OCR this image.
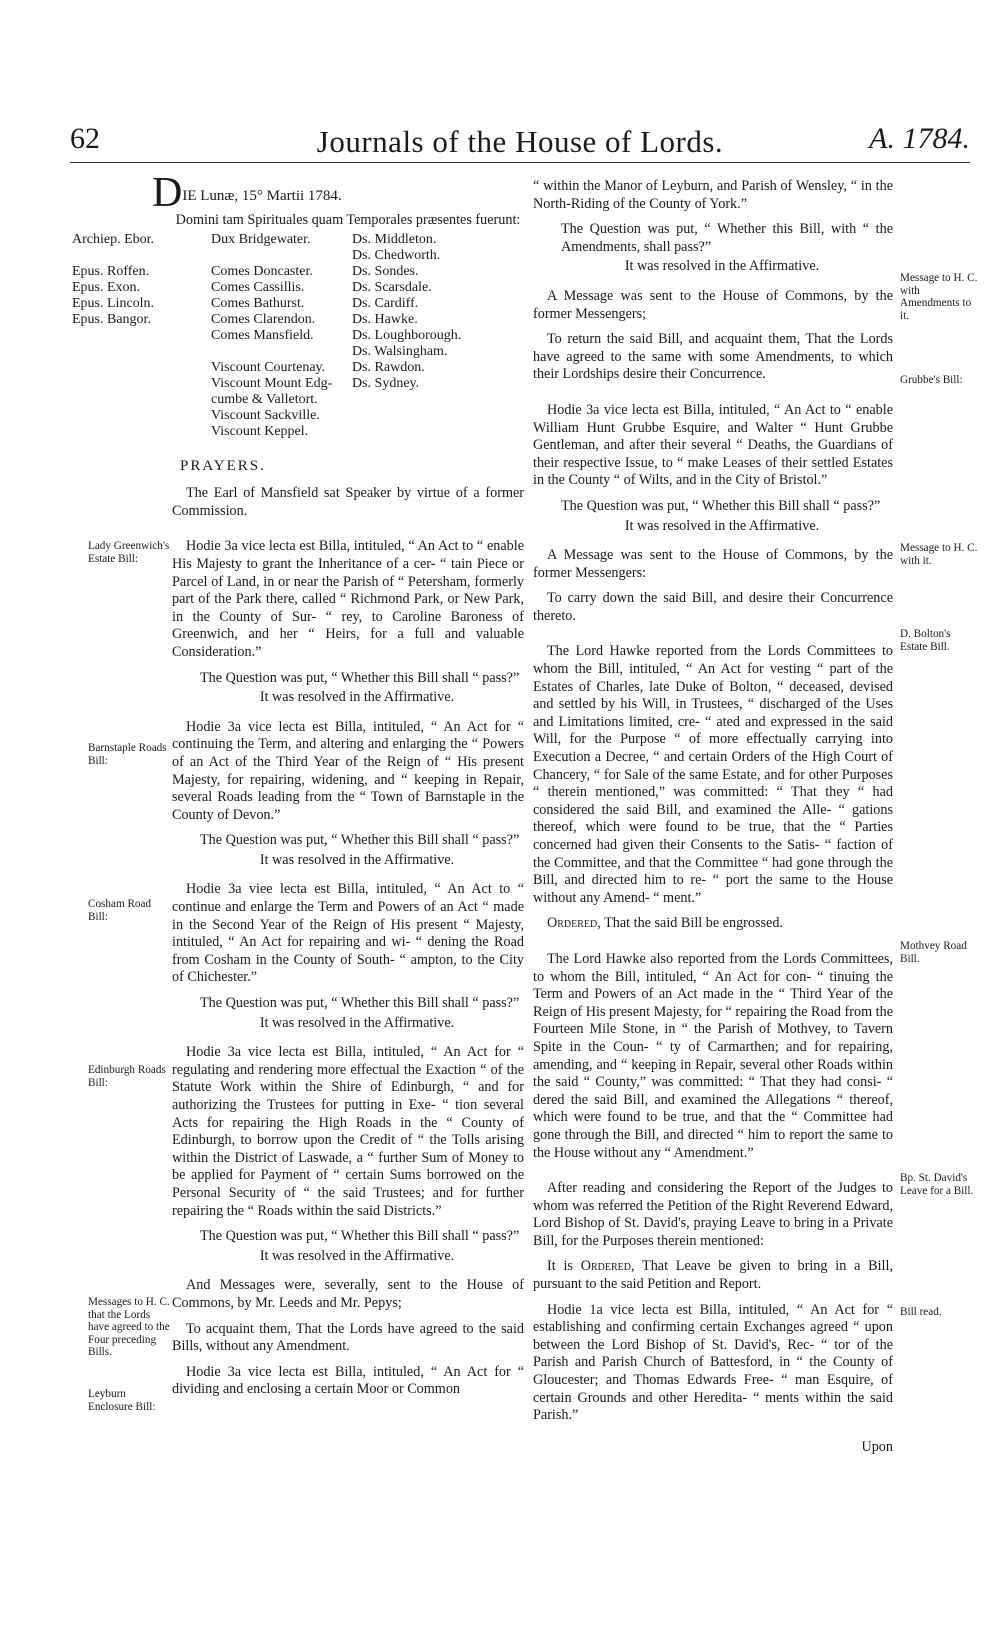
62	Journals of the House of Lords.	A. 1784.
DIE Lunæ, 15° Martii 1784.
Domini tam Spirituales quam Temporales præsentes fuerunt:
Archiep. Ebor.

Epus. Roffen.
Epus. Exon.
Epus. Lincoln.
Epus. Bangor.
Dux Bridgewater.

Comes Doncaster.
Comes Cassillis.
Comes Bathurst.
Comes Clarendon.
Comes Mansfield.

Viscount Courtenay.
Viscount Mount Edg-
cumbe & Valletort.
Viscount Sackville.
Viscount Keppel.
Ds. Middleton.
Ds. Chedworth.
Ds. Sondes.
Ds. Scarsdale.
Ds. Cardiff.
Ds. Hawke.
Ds. Loughborough.
Ds. Walsingham.
Ds. Rawdon.
Ds. Sydney.
PRAYERS.

The Earl of Mansfield sat Speaker by virtue of a former Commission.

Hodie 3a vice lecta est Billa, intituled, “ An Act to “ enable His Majesty to grant the Inheritance of a cer- “ tain Piece or Parcel of Land, in or near the Parish of “ Petersham, formerly part of the Park there, called “ Richmond Park, or New Park, in the County of Sur- “ rey, to Caroline Baroness of Greenwich, and her “ Heirs, for a full and valuable Consideration.”

The Question was put, “ Whether this Bill shall “ pass?”

It was resolved in the Affirmative.

Hodie 3a vice lecta est Billa, intituled, “ An Act for “ continuing the Term, and altering and enlarging the “ Powers of an Act of the Third Year of the Reign of “ His present Majesty, for repairing, widening, and “ keeping in Repair, several Roads leading from the “ Town of Barnstaple in the County of Devon.”

The Question was put, “ Whether this Bill shall “ pass?”

It was resolved in the Affirmative.

Hodie 3a viee lecta est Billa, intituled, “ An Act to “ continue and enlarge the Term and Powers of an Act “ made in the Second Year of the Reign of His present “ Majesty, intituled, “ An Act for repairing and wi- “ dening the Road from Cosham in the County of South- “ ampton, to the City of Chichester.”

The Question was put, “ Whether this Bill shall “ pass?”

It was resolved in the Affirmative.

Hodie 3a vice lecta est Billa, intituled, “ An Act for “ regulating and rendering more effectual the Exaction “ of the Statute Work within the Shire of Edinburgh, “ and for authorizing the Trustees for putting in Exe- “ tion several Acts for repairing the High Roads in the “ County of Edinburgh, to borrow upon the Credit of “ the Tolls arising within the District of Laswade, a “ further Sum of Money to be applied for Payment of “ certain Sums borrowed on the Personal Security of “ the said Trustees; and for further repairing the “ Roads within the said Districts.”

The Question was put, “ Whether this Bill shall “ pass?”

It was resolved in the Affirmative.

And Messages were, severally, sent to the House of Commons, by Mr. Leeds and Mr. Pepys;

To acquaint them, That the Lords have agreed to the said Bills, without any Amendment.

Hodie 3a vice lecta est Billa, intituled, “ An Act for “ dividing and enclosing a certain Moor or Common

“ within the Manor of Leyburn, and Parish of Wensley, “ in the North-Riding of the County of York.”

The Question was put, “ Whether this Bill, with “ the Amendments, shall pass?”

It was resolved in the Affirmative.

A Message was sent to the House of Commons, by the former Messengers;

To return the said Bill, and acquaint them, That the Lords have agreed to the same with some Amendments, to which their Lordships desire their Concurrence.

Hodie 3a vice lecta est Billa, intituled, “ An Act to “ enable William Hunt Grubbe Esquire, and Walter “ Hunt Grubbe Gentleman, and after their several “ Deaths, the Guardians of their respective Issue, to “ make Leases of their settled Estates in the County “ of Wilts, and in the City of Bristol.”

The Question was put, “ Whether this Bill shall “ pass?”

It was resolved in the Affirmative.

A Message was sent to the House of Commons, by the former Messengers:

To carry down the said Bill, and desire their Concurrence thereto.

The Lord Hawke reported from the Lords Committees to whom the Bill, intituled, “ An Act for vesting “ part of the Estates of Charles, late Duke of Bolton, “ deceased, devised and settled by his Will, in Trustees, “ discharged of the Uses and Limitations limited, cre- “ ated and expressed in the said Will, for the Purpose “ of more effectually carrying into Execution a Decree, “ and certain Orders of the High Court of Chancery, “ for Sale of the same Estate, and for other Purposes “ therein mentioned,” was committed: “ That they “ had considered the said Bill, and examined the Alle- “ gations thereof, which were found to be true, that the “ Parties concerned had given their Consents to the Satis- “ faction of the Committee, and that the Committee “ had gone through the Bill, and directed him to re- “ port the same to the House without any Amend- “ ment.”

Ordered, That the said Bill be engrossed.

The Lord Hawke also reported from the Lords Committees, to whom the Bill, intituled, “ An Act for con- “ tinuing the Term and Powers of an Act made in the “ Third Year of the Reign of His present Majesty, for “ repairing the Road from the Fourteen Mile Stone, in “ the Parish of Mothvey, to Tavern Spite in the Coun- “ ty of Carmarthen; and for repairing, amending, and “ keeping in Repair, several other Roads within the said “ County,” was committed: “ That they had consi- “ dered the said Bill, and examined the Allegations “ thereof, which were found to be true, and that the “ Committee had gone through the Bill, and directed “ him to report the same to the House without any “ Amendment.”

After reading and considering the Report of the Judges to whom was referred the Petition of the Right Reverend Edward, Lord Bishop of St. David's, praying Leave to bring in a Private Bill, for the Purposes therein mentioned:

It is Ordered, That Leave be given to bring in a Bill, pursuant to the said Petition and Report.

Hodie 1a vice lecta est Billa, intituled, “ An Act for “ establishing and confirming certain Exchanges agreed “ upon between the Lord Bishop of St. David's, Rec- “ tor of the Parish and Parish Church of Battesford, in “ the County of Gloucester; and Thomas Edwards Free- “ man Esquire, of certain Grounds and other Heredita- “ ments within the said Parish.”

Upon

Lady Greenwich's Estate Bill:
Barnstaple Roads Bill:
Cosham Road Bill:
Edinburgh Roads Bill:
Messages to H. C. that the Lords have agreed to the Four preceding Bills.
Leyburn Enclosure Bill:
Message to H. C. with Amendments to it.
Grubbe's Bill:
Message to H. C. with it.
D. Bolton's Estate Bill.
Mothvey Road Bill.
Bp. St. David's Leave for a Bill.
Bill read.
